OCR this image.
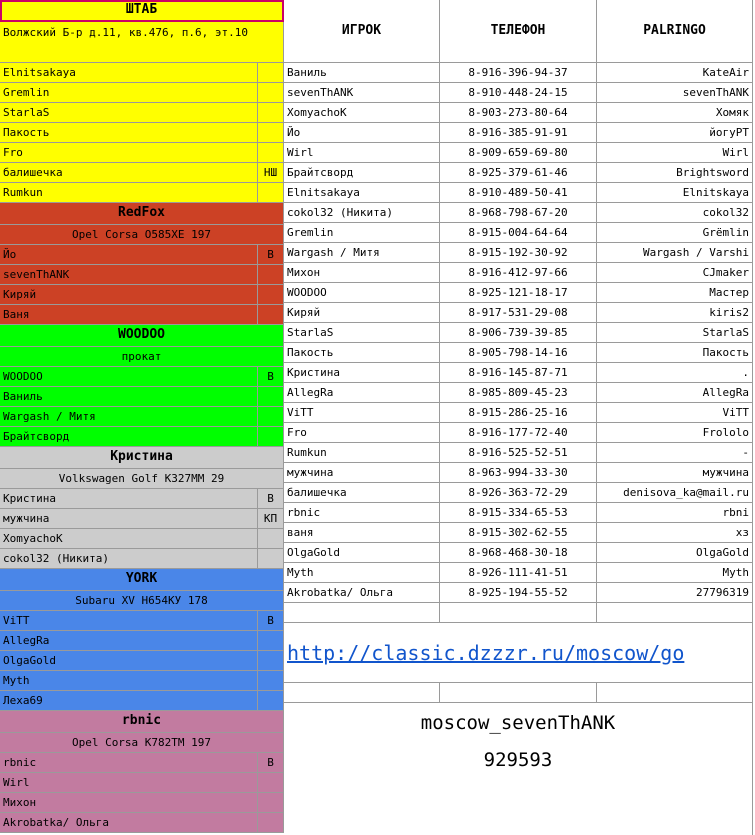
ШТАБ
Волжский Б-р д.11, кв.476, п.6, эт.10
Elnitsakaya
Gremlin
StarlaS
Пакость
Fro
балишечка	НШ
Rumkun
RedFox
Opel Corsa О585ХЕ 197
Йо	В
sevenThANK
Киряй
Ваня
WOODOO
прокат
WOODOO	В
Ваниль
Wargash / Митя
Брайтсворд
Кристина
Volkswagen Golf К327ММ 29
Кристина	В
мужчина	КП
XomyachoK
cokol32 (Никита)
YORK
Subaru XV Н654КУ 178
ViTT	В
AllegRa
OlgaGold
Myth
Леха69
rbnic
Opel Corsa К782ТМ 197
rbnic	В
Wirl
Михон
Akrobatka/ Ольга
ИГРОК	ТЕЛЕФОН	PALRINGO
Ваниль	8-916-396-94-37	KateAir
sevenThANK	8-910-448-24-15	sevenThANK
XomyachoK	8-903-273-80-64	Хомяк
Йо	8-916-385-91-91	йогуРТ
Wirl	8-909-659-69-80	Wirl
Брайтсворд	8-925-379-61-46	Brightsword
Elnitsakaya	8-910-489-50-41	Elnitskaya
cokol32 (Никита)	8-968-798-67-20	cokol32
Gremlin	8-915-004-64-64	Grёmlin
Wargash / Митя	8-915-192-30-92	Wargash / Varshi
Михон	8-916-412-97-66	CJmaker
WOODOO	8-925-121-18-17	Мастер
Киряй	8-917-531-29-08	kiris2
StarlaS	8-906-739-39-85	StarlaS
Пакость	8-905-798-14-16	Пакость
Кристина	8-916-145-87-71	.
AllegRa	8-985-809-45-23	AllegRa
ViTT	8-915-286-25-16	ViTT
Fro	8-916-177-72-40	Frololo
Rumkun	8-916-525-52-51	-
мужчина	8-963-994-33-30	мужчина
балишечка	8-926-363-72-29	denisova_ka@mail.ru
rbnic	8-915-334-65-53	rbni
ваня	8-915-302-62-55	хз
OlgaGold	8-968-468-30-18	OlgaGold
Myth	8-926-111-41-51	Myth
Akrobatka/ Ольга	8-925-194-55-52	27796319
http://classic.dzzzr.ru/moscow/go
moscow_sevenThANK
929593
